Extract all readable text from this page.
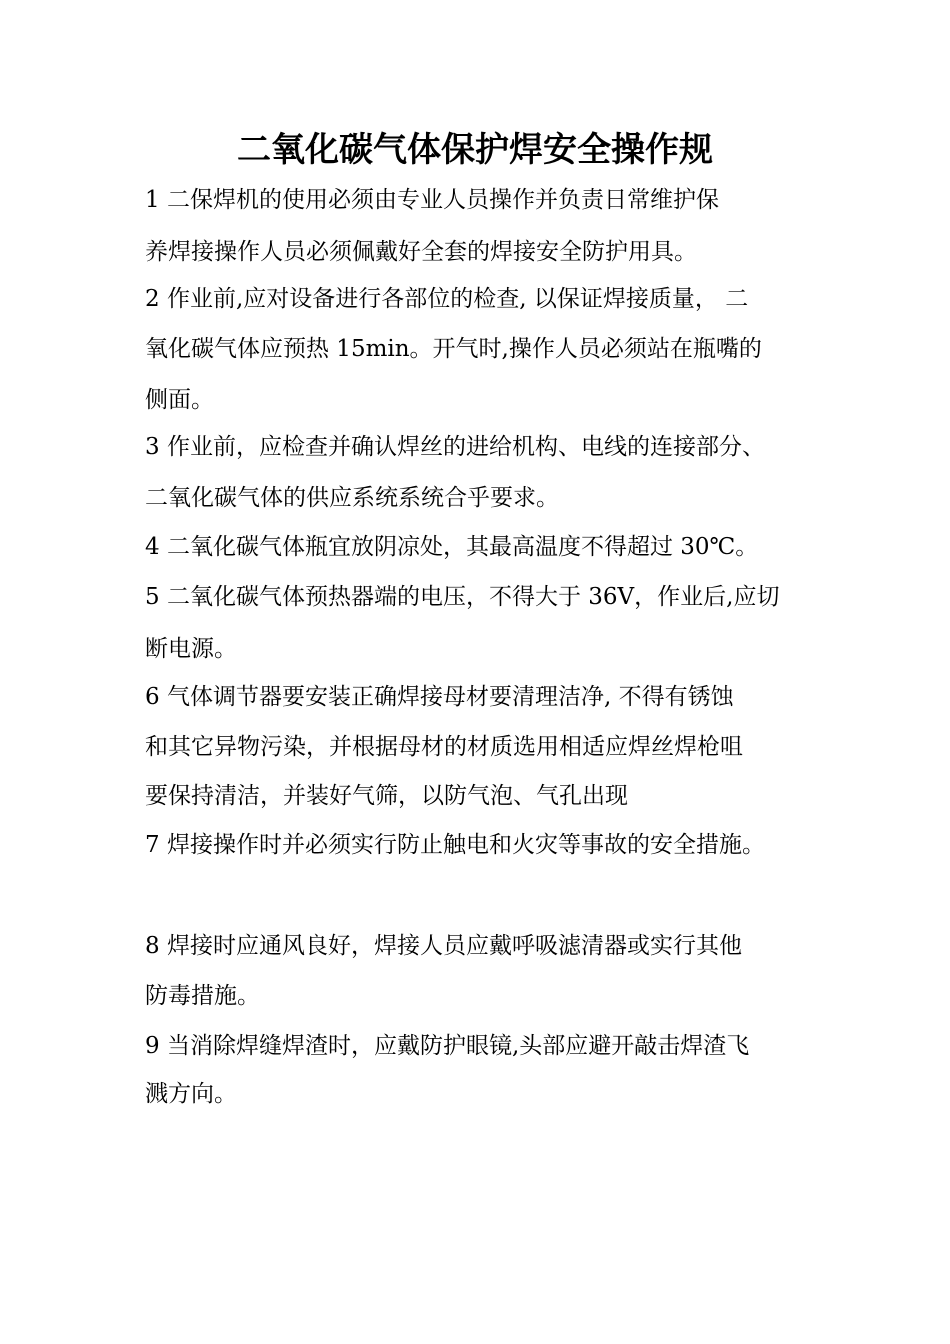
二氧化碳气体保护焊安全操作规
1 二保焊机的使用必须由专业人员操作并负责日常维护保
养焊接操作人员必须佩戴好全套的焊接安全防护用具。
2 作业前,应对设备进行各部位的检查, 以保证焊接质量， 二
氧化碳气体应预热 15min。开气时,操作人员必须站在瓶嘴的
侧面。
3 作业前，应检查并确认焊丝的进给机构、电线的连接部分、
二氧化碳气体的供应系统系统合乎要求。
4 二氧化碳气体瓶宜放阴凉处，其最高温度不得超过 30℃。
5 二氧化碳气体预热器端的电压，不得大于 36V，作业后,应切
断电源。
6 气体调节器要安装正确焊接母材要清理洁净, 不得有锈蚀
和其它异物污染，并根据母材的材质选用相适应焊丝焊枪咀
要保持清洁，并装好气筛，以防气泡、气孔出现
7 焊接操作时并必须实行防止触电和火灾等事故的安全措施。
8 焊接时应通风良好，焊接人员应戴呼吸滤清器或实行其他
防毒措施。
9 当消除焊缝焊渣时，应戴防护眼镜,头部应避开敲击焊渣飞
溅方向。
